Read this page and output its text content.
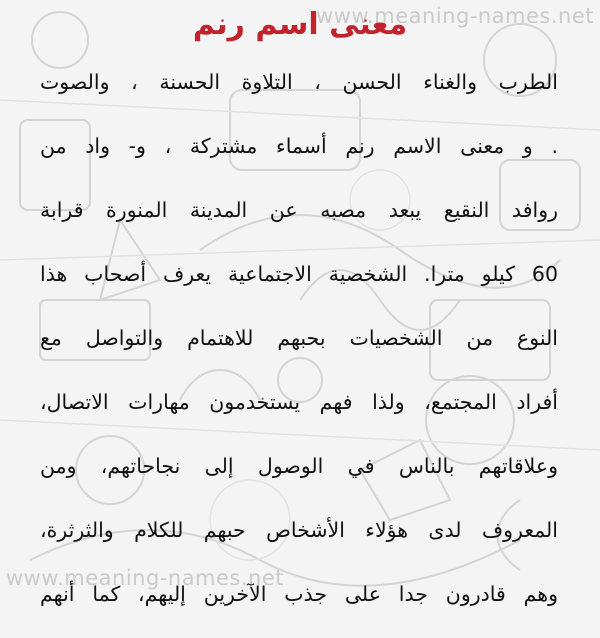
www.meaning-names.net
معنى اسم رنم
الطرب والغناء الحسن ، التلاوة الحسنة ، والصوت
. و معنى الاسم رنم أسماء مشتركة ، و- واد من
روافد النقيع يبعد مصبه عن المدينة المنورة قرابة
60 كيلو مترا. الشخصية الاجتماعية يعرف أصحاب هذا
النوع من الشخصيات بحبهم للاهتمام والتواصل مع
أفراد المجتمع، ولذا فهم يستخدمون مهارات الاتصال،
وعلاقاتهم بالناس في الوصول إلى نجاحاتهم، ومن
المعروف لدى هؤلاء الأشخاص حبهم للكلام والثرثرة،
وهم قادرون جدا على جذب الآخرين إليهم، كما أنهم
www.meaning-names.net
